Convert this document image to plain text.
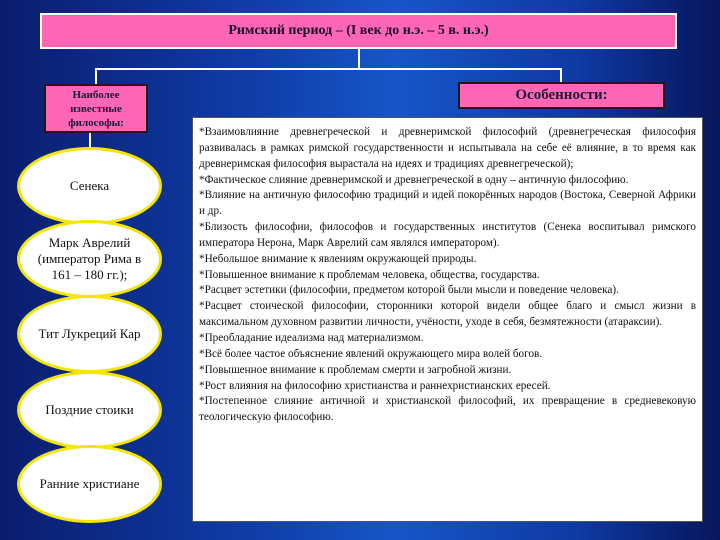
Римский период – (I век до н.э. – 5 в. н.э.)
Наиболее известные философы:
Особенности:
Сенека
Марк Аврелий (император Рима в 161 – 180 гг.);
Тит Лукреций Кар
Поздние стоики
Ранние христиане

*Взаимовлияние древнегреческой и древнеримской философий (древнегреческая философия развивалась в рамках римской государственности и испытывала на себе её влияние, в то время как древнеримская философия вырастала на идеях и традициях древнегреческой);

*Фактическое слияние древнеримской и древнегреческой в одну – античную философию.

*Влияние на античную философию традиций и идей покорённых народов (Востока, Северной Африки и др.

*Близость философии, философов и государственных институтов (Сенека воспитывал римского императора Нерона, Марк Аврелий сам являлся императором).

*Небольшое внимание к явлениям окружающей природы.

*Повышенное внимание к проблемам человека, общества, государства.

*Расцвет эстетики (философии, предметом которой были мысли и поведение человека).

*Расцвет стоической философии, сторонники которой видели общее благо и смысл жизни в максимальном духовном развитии личности, учёности, уходе в себя, безмятежности (атараксии).

*Преобладание идеализма над материализмом.

*Всё более частое объяснение явлений окружающего мира волей богов.

*Повышенное внимание к проблемам смерти и загробной жизни.

*Рост влияния на философию христианства и раннехристианских ересей.

*Постепенное слияние античной и христианской философий, их превращение в средневековую теологическую философию.
